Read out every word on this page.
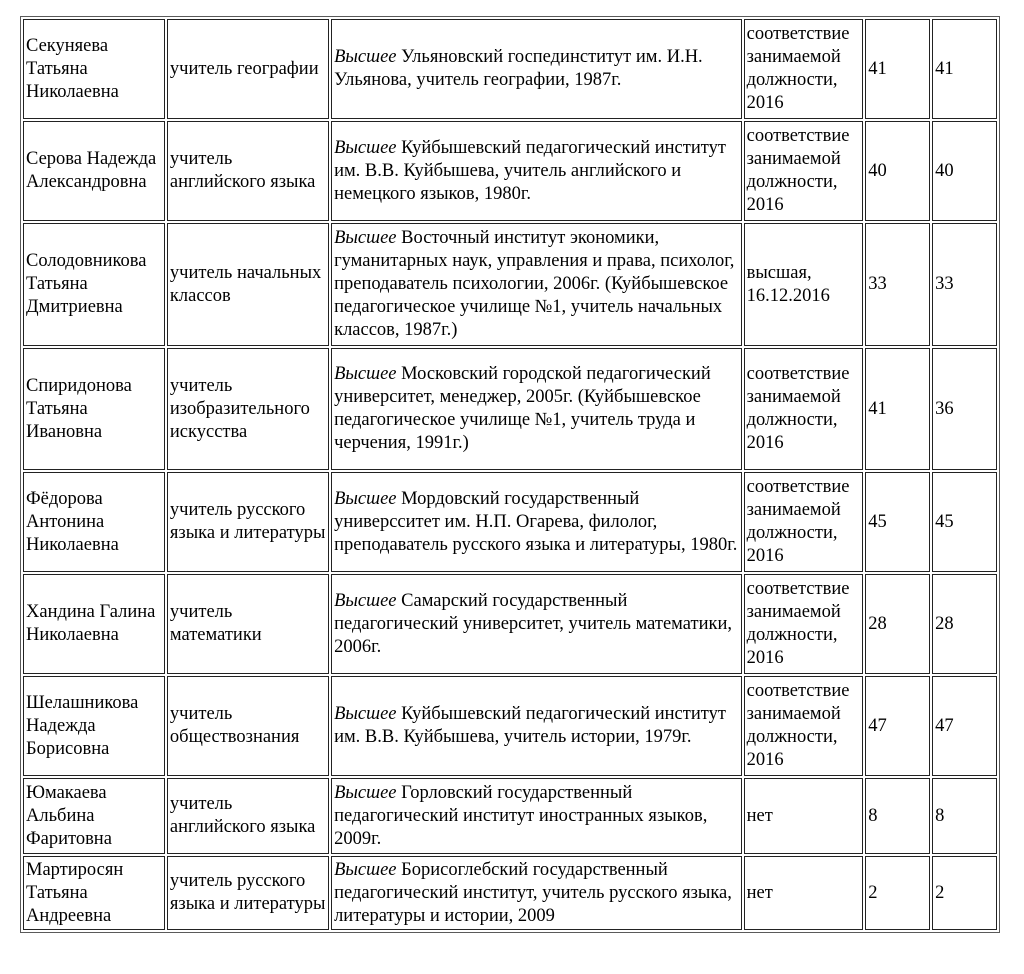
Секуняева Татьяна Николаевна	учитель географии	Высшее Ульяновский госпединститут им. И.Н. Ульянова, учитель географии, 1987г.	соответствие занимаемой должности, 2016	41	41
Серова Надежда Александровна	учитель английского языка	Высшее Куйбышевский педагогический институт им. В.В. Куйбышева, учитель английского и немецкого языков, 1980г.	соответствие занимаемой должности, 2016	40	40
Солодовникова Татьяна Дмитриевна	учитель начальных классов	Высшее Восточный институт экономики, гуманитарных наук, управления и права, психолог, преподаватель психологии, 2006г. (Куйбышевское педагогическое училище №1, учитель начальных классов, 1987г.)	высшая, 16.12.2016	33	33
Спиридонова Татьяна Ивановна	учитель изобразительного искусства	Высшее Московский городской педагогический университет, менеджер, 2005г. (Куйбышевское педагогическое училище №1, учитель труда и черчения, 1991г.)	соответствие занимаемой должности, 2016	41	36
Фёдорова Антонина Николаевна	учитель русского языка и литературы	Высшее Мордовский государственный универсситет им. Н.П. Огарева, филолог, преподаватель русского языка и литературы, 1980г.	соответствие занимаемой должности, 2016	45	45
Хандина Галина Николаевна	учитель математики	Высшее Самарский государственный педагогический университет, учитель математики, 2006г.	соответствие занимаемой должности, 2016	28	28
Шелашникова Надежда Борисовна	учитель обществознания	Высшее Куйбышевский педагогический институт им. В.В. Куйбышева, учитель истории, 1979г.	соответствие занимаемой должности, 2016	47	47
Юмакаева Альбина Фаритовна	учитель английского языка	Высшее Горловский государственный педагогический институт иностранных языков, 2009г.	нет	8	8
Мартиросян Татьяна Андреевна	учитель русского языка и литературы	Высшее Борисоглебский государственный педагогический институт, учитель русского языка, литературы и истории, 2009	нет	2	2
